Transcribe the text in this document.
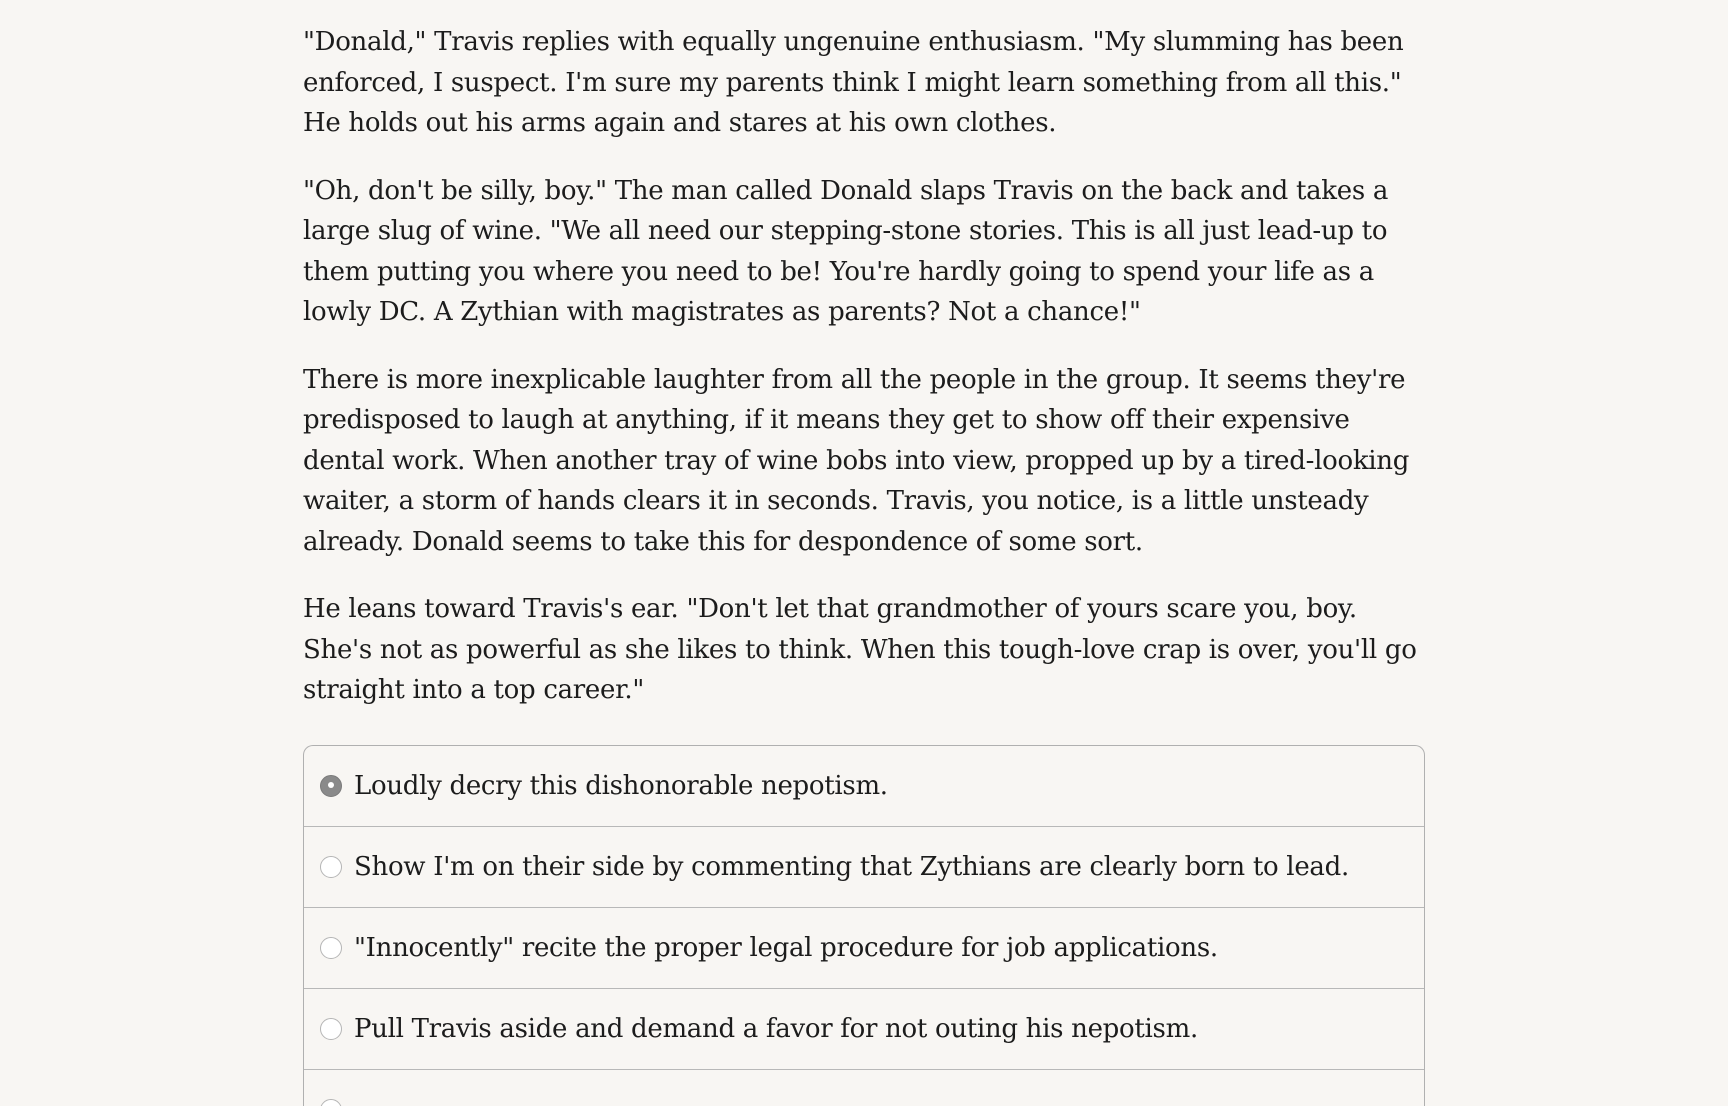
"Donald," Travis replies with equally ungenuine enthusiasm. "My slumming has been enforced, I suspect. I'm sure my parents think I might learn something from all this." He holds out his arms again and stares at his own clothes.

"Oh, don't be silly, boy." The man called Donald slaps Travis on the back and takes a large slug of wine. "We all need our stepping-stone stories. This is all just lead-up to them putting you where you need to be! You're hardly going to spend your life as a lowly DC. A Zythian with magistrates as parents? Not a chance!"

There is more inexplicable laughter from all the people in the group. It seems they're predisposed to laugh at anything, if it means they get to show off their expensive dental work. When another tray of wine bobs into view, propped up by a tired-looking waiter, a storm of hands clears it in seconds. Travis, you notice, is a little unsteady already. Donald seems to take this for despondence of some sort.

He leans toward Travis's ear. "Don't let that grandmother of yours scare you, boy. She's not as powerful as she likes to think. When this tough-love crap is over, you'll go straight into a top career."

Loudly decry this dishonorable nepotism.
Show I'm on their side by commenting that Zythians are clearly born to lead.
"Innocently" recite the proper legal procedure for job applications.
Pull Travis aside and demand a favor for not outing his nepotism.
